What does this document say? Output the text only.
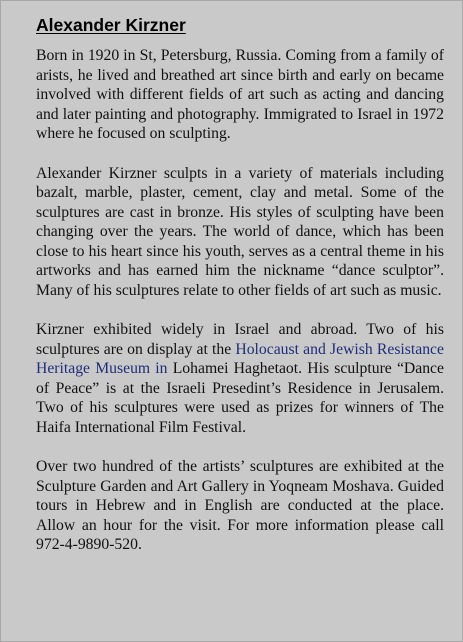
Alexander Kirzner

Born in 1920 in St, Petersburg, Russia. Coming from a family of arists, he lived and breathed art since birth and early on became involved with different fields of art such as acting and dancing and later painting and photography. Immigrated to Israel in 1972 where he focused on sculpting.

Alexander Kirzner sculpts in a variety of materials including bazalt, marble, plaster, cement, clay and metal. Some of the sculptures are cast in bronze. His styles of sculpting have been changing over the years. The world of dance, which has been close to his heart since his youth, serves as a central theme in his artworks and has earned him the nickname “dance sculptor”. Many of his sculptures relate to other fields of art such as music.

Kirzner exhibited widely in Israel and abroad. Two of his sculptures are on display at the Holocaust and Jewish Resistance Heritage Museum in Lohamei Haghetaot. His sculpture “Dance of Peace” is at the Israeli Presedint’s Residence in Jerusalem. Two of his sculptures were used as prizes for winners of The Haifa International Film Festival.

Over two hundred of the artists’ sculptures are exhibited at the Sculpture Garden and Art Gallery in Yoqneam Moshava. Guided tours in Hebrew and in English are conducted at the place. Allow an hour for the visit. For more information please call 972-4-9890-520.
